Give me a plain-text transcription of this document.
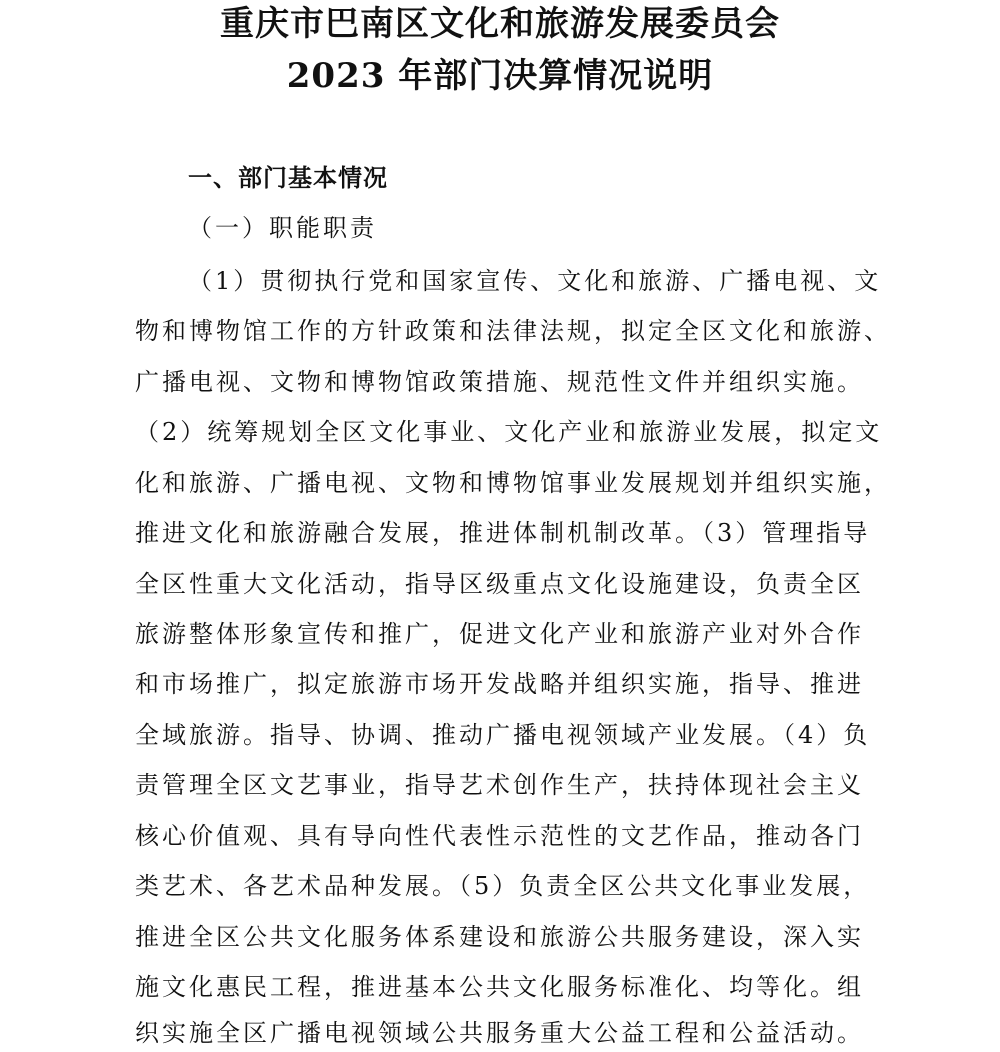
重庆市巴南区文化和旅游发展委员会
2023 年部门决算情况说明
一、部门基本情况
（一）职能职责
（1）贯彻执行党和国家宣传、文化和旅游、广播电视、文
物和博物馆工作的方针政策和法律法规，拟定全区文化和旅游、
广播电视、文物和博物馆政策措施、规范性文件并组织实施。
（2）统筹规划全区文化事业、文化产业和旅游业发展，拟定文
化和旅游、广播电视、文物和博物馆事业发展规划并组织实施，
推进文化和旅游融合发展，推进体制机制改革。（3）管理指导
全区性重大文化活动，指导区级重点文化设施建设，负责全区
旅游整体形象宣传和推广，促进文化产业和旅游产业对外合作
和市场推广，拟定旅游市场开发战略并组织实施，指导、推进
全域旅游。指导、协调、推动广播电视领域产业发展。（4）负
责管理全区文艺事业，指导艺术创作生产，扶持体现社会主义
核心价值观、具有导向性代表性示范性的文艺作品，推动各门
类艺术、各艺术品种发展。（5）负责全区公共文化事业发展，
推进全区公共文化服务体系建设和旅游公共服务建设，深入实
施文化惠民工程，推进基本公共文化服务标准化、均等化。组
织实施全区广播电视领域公共服务重大公益工程和公益活动。
